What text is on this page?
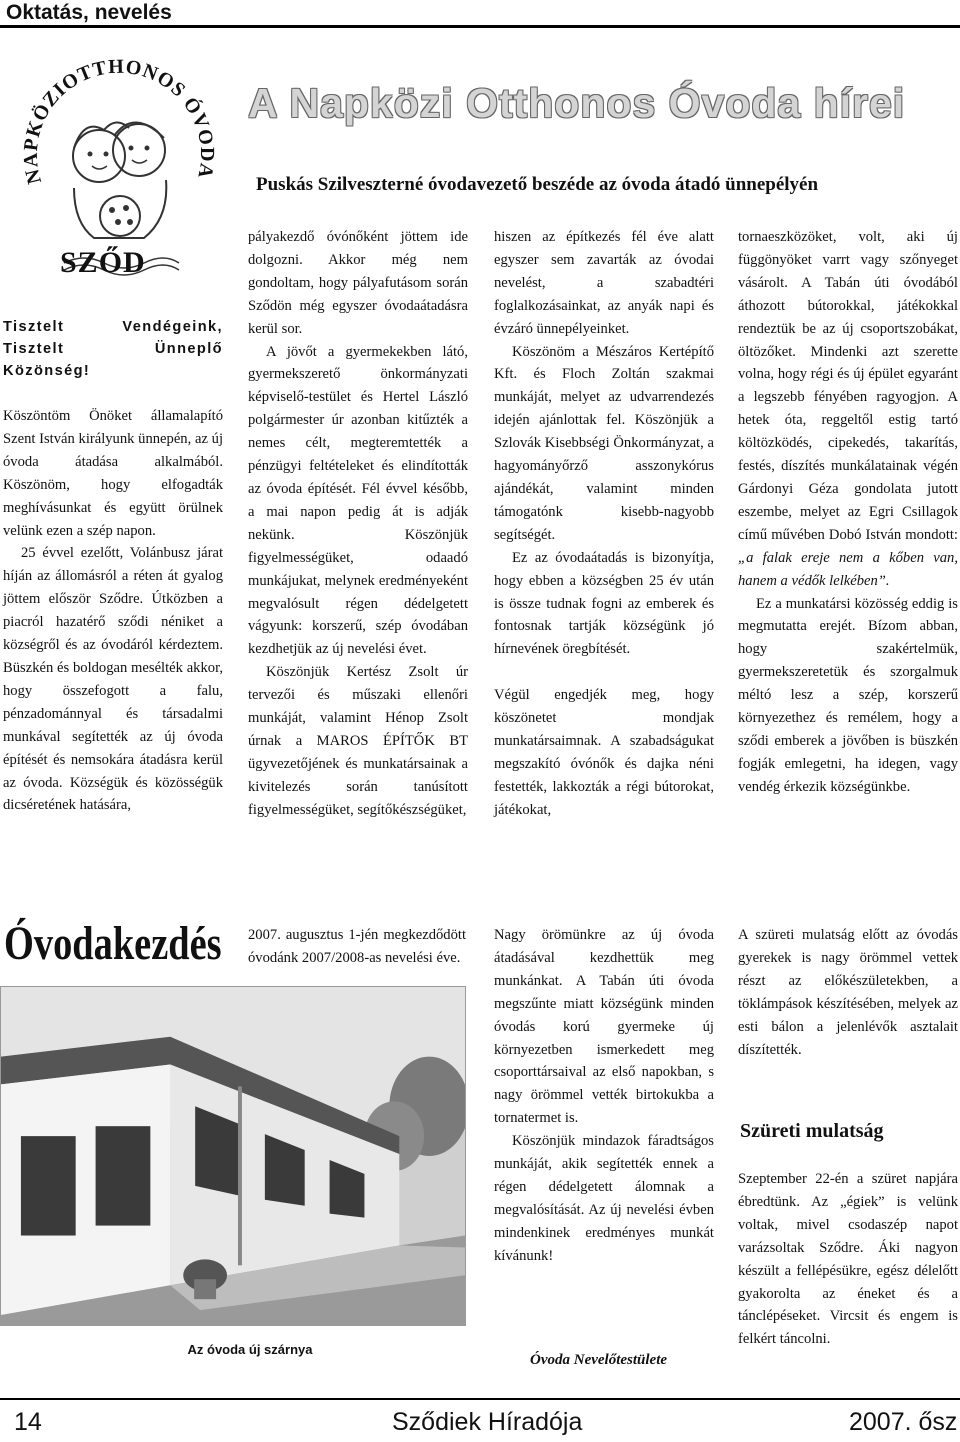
Oktatás, nevelés
NAPKÖZIOTTHONOS ÓVODA
SZŐD
A Napközi Otthonos Óvoda hírei
Puskás Szilveszterné óvodavezető beszéde az óvoda átadó ünnepélyén

Tisztelt Vendégeink, Tisztelt Ünneplő Közönség!

Köszöntöm Önöket államalapító Szent István királyunk ünnepén, az új óvoda átadása alkalmából. Köszönöm, hogy elfogadták meghívásunkat és együtt örülnek velünk ezen a szép napon.

25 évvel ezelőtt, Volánbusz járat híján az állomásról a réten át gyalog jöttem először Sződre. Útközben a piacról hazatérő sződi néniket a községről és az óvodáról kérdeztem. Büszkén és boldogan mesélték akkor, hogy összefogott a falu, pénzadománnyal és társadalmi munkával segítették az új óvoda építését és nemsokára átadásra kerül az óvoda. Községük és közösségük dicséretének hatására,

pályakezdő óvónőként jöttem ide dolgozni. Akkor még nem gondoltam, hogy pályafutásom során Sződön még egyszer óvodaátadásra kerül sor.

A jövőt a gyermekekben látó, gyermekszerető önkormányzati képviselő-testület és Hertel László polgármester úr azonban kitűzték a nemes célt, megteremtették a pénzügyi feltételeket és elindították az óvoda építését. Fél évvel később, a mai napon pedig át is adják nekünk. Köszönjük figyelmességüket, odaadó munkájukat, melynek eredményeként megvalósult régen dédelgetett vágyunk: korszerű, szép óvodában kezdhetjük az új nevelési évet.

Köszönjük Kertész Zsolt úr tervezői és műszaki ellenőri munkáját, valamint Hénop Zsolt úrnak a MAROS ÉPÍTŐK BT ügyvezetőjének és munkatársainak a kivitelezés során tanúsított figyelmességüket, segítőkészségüket,

hiszen az építkezés fél éve alatt egyszer sem zavarták az óvodai nevelést, a szabadtéri foglalkozásainkat, az anyák napi és évzáró ünnepélyeinket.

Köszönöm a Mészáros Kertépítő Kft. és Floch Zoltán szakmai munkáját, melyet az udvarrendezés idején ajánlottak fel. Köszönjük a Szlovák Kisebbségi Önkormányzat, a hagyományőrző asszonykórus ajándékát, valamint minden támogatónk kisebb-nagyobb segítségét.

Ez az óvodaátadás is bizonyítja, hogy ebben a községben 25 év után is össze tudnak fogni az emberek és fontosnak tartják községünk jó hírnevének öregbítését.

Végül engedjék meg, hogy köszönetet mondjak munkatársaimnak. A szabadságukat megszakító óvónők és dajka néni festették, lakkozták a régi bútorokat, játékokat,

tornaeszközöket, volt, aki új függönyöket varrt vagy szőnyeget vásárolt. A Tabán úti óvodából áthozott bútorokkal, játékokkal rendeztük be az új csoportszobákat, öltözőket. Mindenki azt szerette volna, hogy régi és új épület egyaránt a legszebb fényében ragyogjon. A hetek óta, reggeltől estig tartó költözködés, cipekedés, takarítás, festés, díszítés munkálatainak végén Gárdonyi Géza gondolata jutott eszembe, melyet az Egri Csillagok című művében Dobó István mondott: „a falak ereje nem a kőben van, hanem a védők lelkében”.

Ez a munkatársi közösség eddig is megmutatta erejét. Bízom abban, hogy szakértelmük, gyermekszeretetük és szorgalmuk méltó lesz a szép, korszerű környezethez és remélem, hogy a sződi emberek a jövőben is büszkén fogják emlegetni, ha idegen, vagy vendég érkezik községünkbe.

Óvodakezdés 2007. augusztus 1-jén megkezdődött óvodánk 2007/2008-as nevelési éve.

Az óvoda új szárnya

Nagy örömünkre az új óvoda átadásával kezdhettük meg munkánkat. A Tabán úti óvoda megszűnte miatt községünk minden óvodás korú gyermeke új környezetben ismerkedett meg csoporttársaival az első napokban, s nagy örömmel vették birtokukba a tornatermet is.

Köszönjük mindazok fáradtságos munkáját, akik segítették ennek a régen dédelgetett álomnak a megvalósítását. Az új nevelési évben mindenkinek eredményes munkát kívánunk!

Óvoda Nevelőtestülete

A szüreti mulatság előtt az óvodás gyerekek is nagy örömmel vettek részt az előkészületekben, a töklámpások készítésében, melyek az esti bálon a jelenlévők asztalait díszítették.

Szüreti mulatság

Szeptember 22-én a szüret napjára ébredtünk. Az „égiek” is velünk voltak, mivel csodaszép napot varázsoltak Sződre. Áki nagyon készült a fellépésükre, egész délelőtt gyakorolta az éneket és a tánclépéseket. Vircsit és engem is felkért táncolni.

14	Sződiek Híradója	2007. ősz
